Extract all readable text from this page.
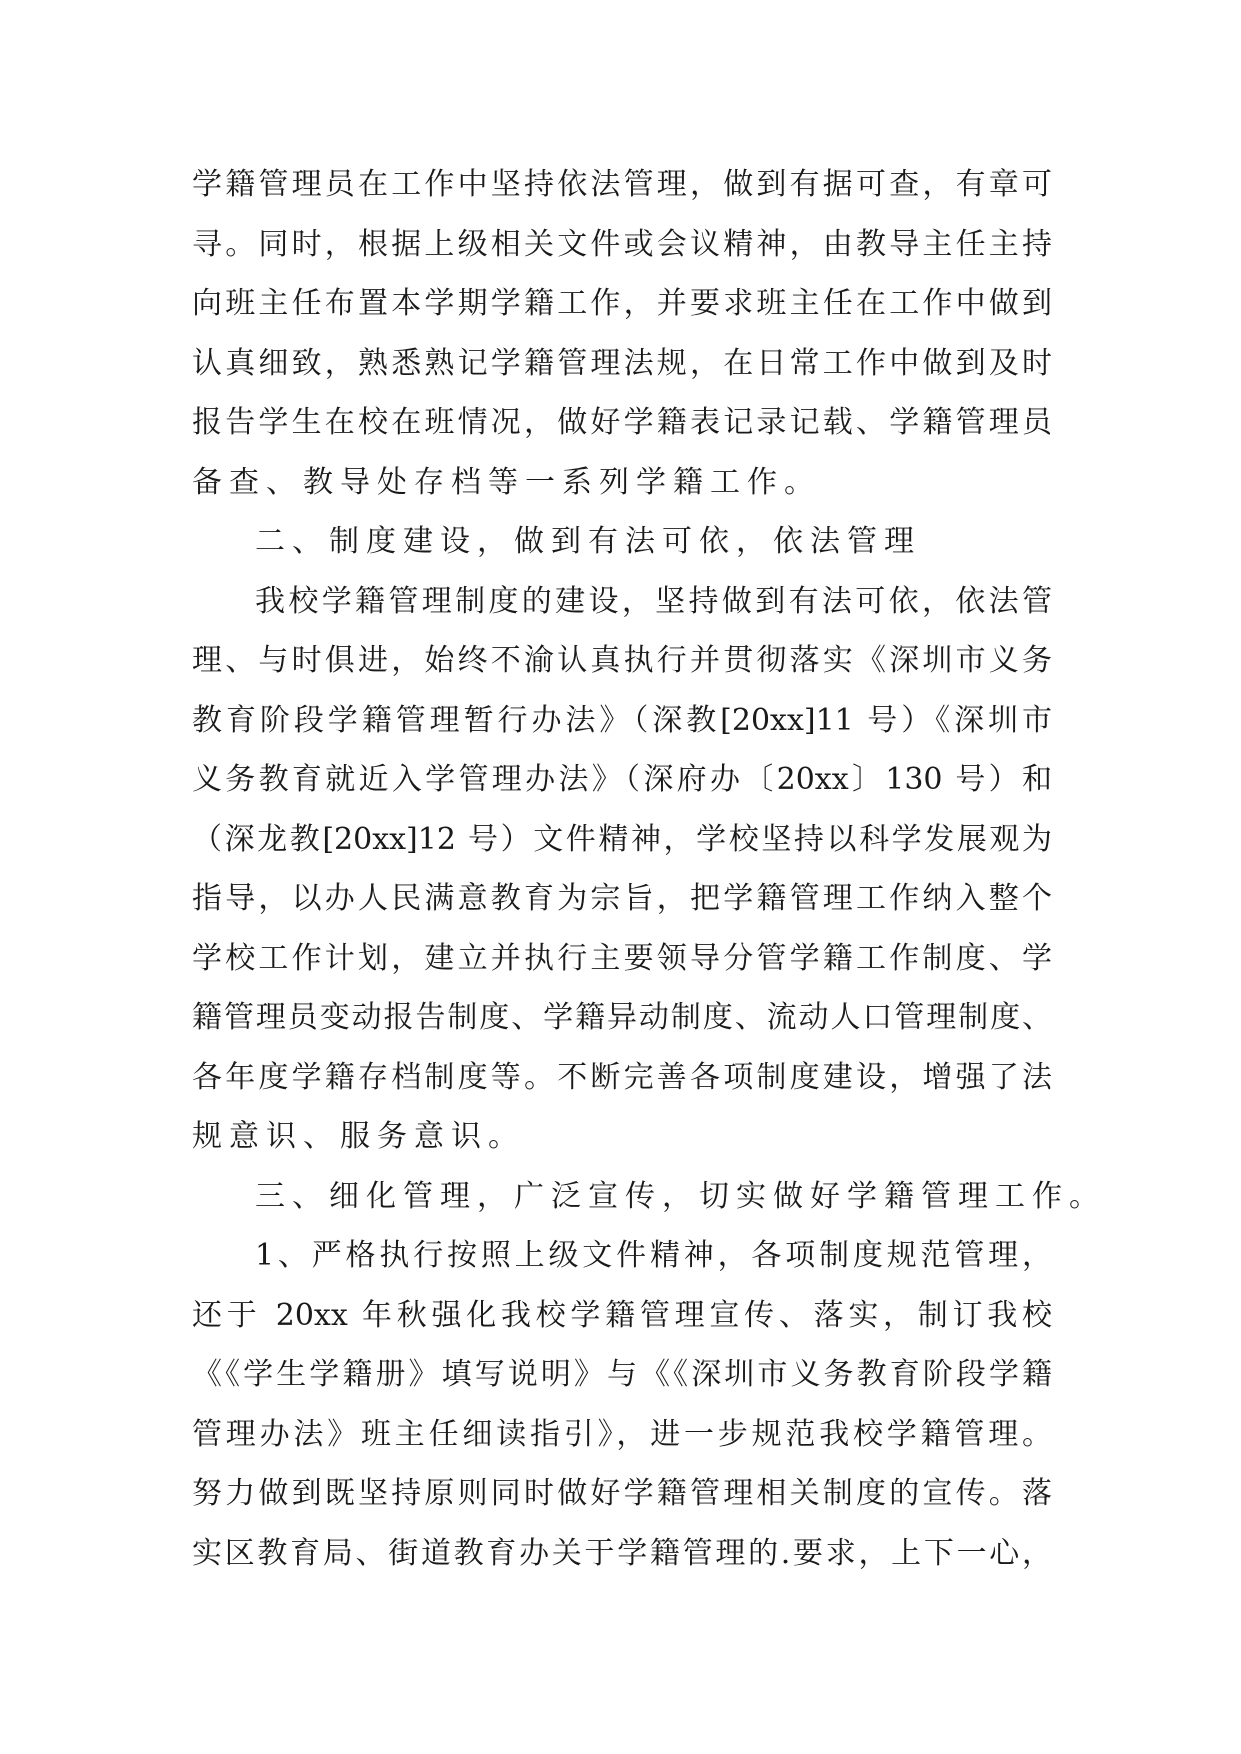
学籍管理员在工作中坚持依法管理，做到有据可查，有章可
寻。同时，根据上级相关文件或会议精神，由教导主任主持
向班主任布置本学期学籍工作，并要求班主任在工作中做到
认真细致，熟悉熟记学籍管理法规，在日常工作中做到及时
报告学生在校在班情况，做好学籍表记录记载、学籍管理员
备查、教导处存档等一系列学籍工作。
二、制度建设，做到有法可依，依法管理
我校学籍管理制度的建设，坚持做到有法可依，依法管
理、与时俱进，始终不渝认真执行并贯彻落实《深圳市义务
教育阶段学籍管理暂行办法》（深教[20xx]11 号）《深圳市
义务教育就近入学管理办法》（深府办〔20xx〕130 号）和
（深龙教[20xx]12 号）文件精神，学校坚持以科学发展观为
指导，以办人民满意教育为宗旨，把学籍管理工作纳入整个
学校工作计划，建立并执行主要领导分管学籍工作制度、学
籍管理员变动报告制度、学籍异动制度、流动人口管理制度、
各年度学籍存档制度等。不断完善各项制度建设，增强了法
规意识、服务意识。
三、细化管理，广泛宣传，切实做好学籍管理工作。
1、严格执行按照上级文件精神，各项制度规范管理，
还于 20xx 年秋强化我校学籍管理宣传、落实，制订我校
《《学生学籍册》填写说明》与《《深圳市义务教育阶段学籍
管理办法》班主任细读指引》，进一步规范我校学籍管理。
努力做到既坚持原则同时做好学籍管理相关制度的宣传。落
实区教育局、街道教育办关于学籍管理的.要求，上下一心，
